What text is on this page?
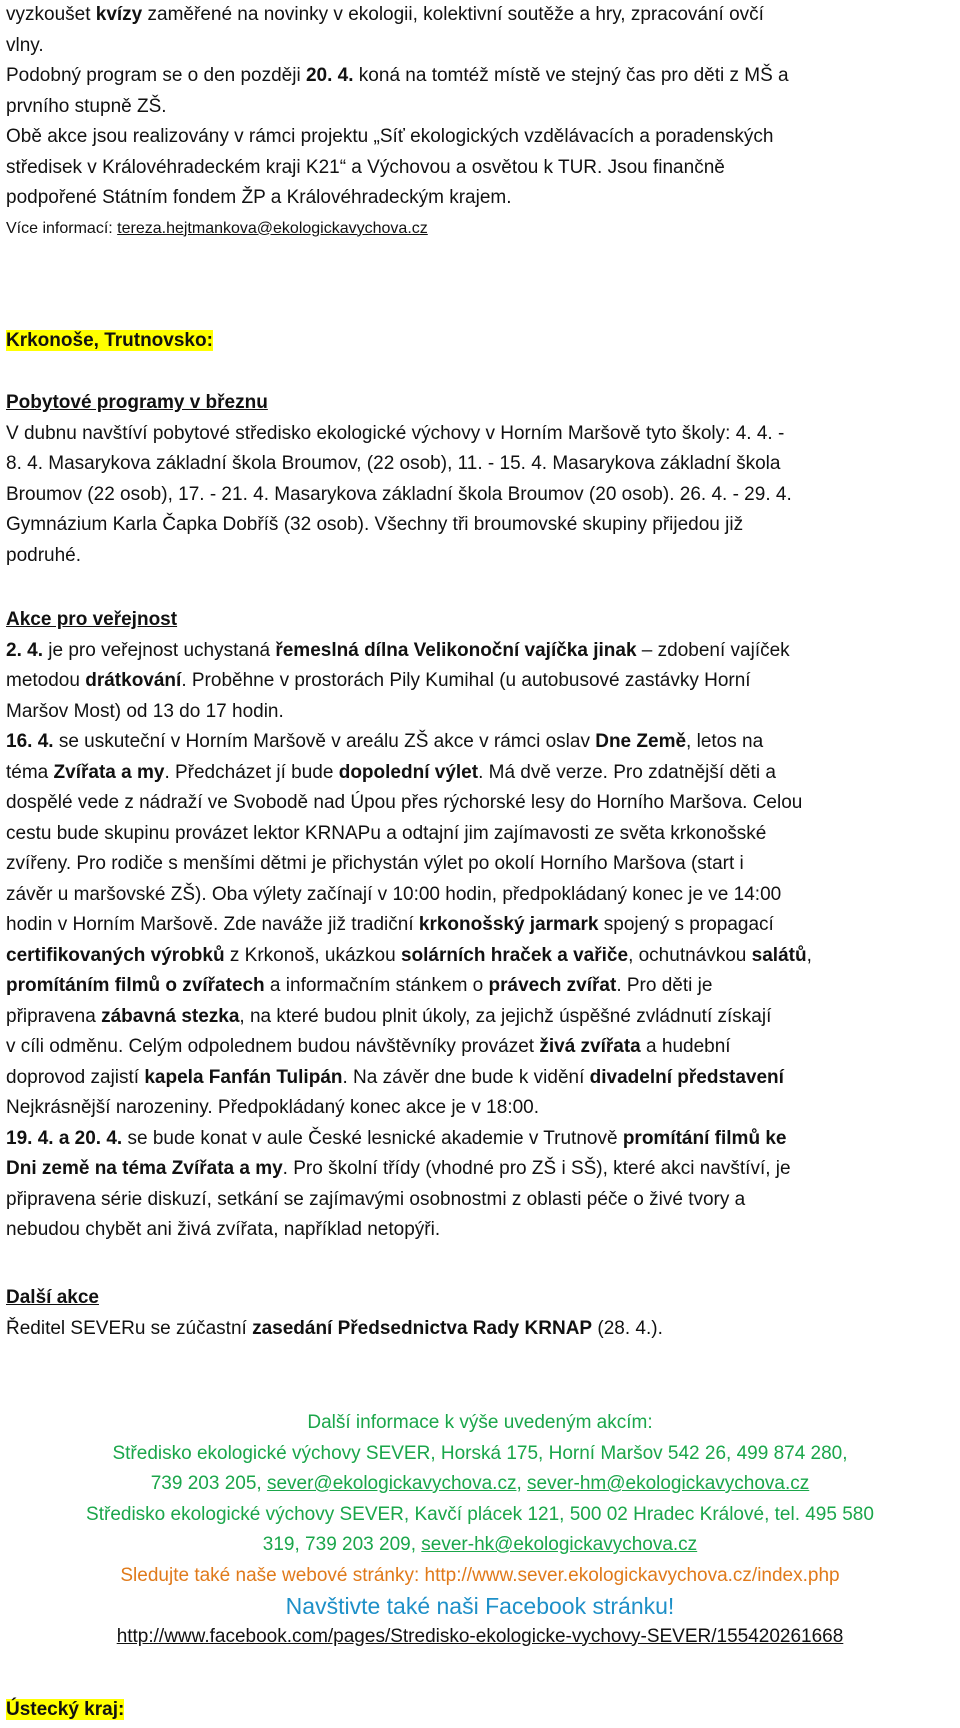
vyzkoušet kvízy zaměřené na novinky v ekologii, kolektivní soutěže a hry, zpracování ovčí
vlny.
Podobný program se o den později 20. 4. koná na tomtéž místě ve stejný čas pro děti z MŠ a
prvního stupně ZŠ.
Obě akce jsou realizovány v rámci projektu „Síť ekologických vzdělávacích a poradenských
středisek v Královéhradeckém kraji K21“ a Výchovou a osvětou k TUR. Jsou finančně
podpořené Státním fondem ŽP a Královéhradeckým krajem.
Více informací: tereza.hejtmankova@ekologickavychova.cz
Krkonoše, Trutnovsko:
Pobytové programy v březnu
V dubnu navštíví pobytové středisko ekologické výchovy v Horním Maršově tyto školy: 4. 4. -
8. 4. Masarykova základní škola Broumov, (22 osob), 11. - 15. 4. Masarykova základní škola
Broumov (22 osob), 17. - 21. 4. Masarykova základní škola Broumov (20 osob). 26. 4. - 29. 4.
Gymnázium Karla Čapka Dobříš (32 osob). Všechny tři broumovské skupiny přijedou již
podruhé.
Akce pro veřejnost
2. 4. je pro veřejnost uchystaná řemeslná dílna Velikonoční vajíčka jinak – zdobení vajíček
metodou drátkování. Proběhne v prostorách Pily Kumihal (u autobusové zastávky Horní
Maršov Most) od 13 do 17 hodin.
16. 4. se uskuteční v Horním Maršově v areálu ZŠ akce v rámci oslav Dne Země, letos na
téma Zvířata a my. Předcházet jí bude dopolední výlet. Má dvě verze. Pro zdatnější děti a
dospělé vede z nádraží ve Svobodě nad Úpou přes rýchorské lesy do Horního Maršova. Celou
cestu bude skupinu provázet lektor KRNAPu a odtajní jim zajímavosti ze světa krkonošské
zvířeny. Pro rodiče s menšími dětmi je přichystán výlet po okolí Horního Maršova (start i
závěr u maršovské ZŠ). Oba výlety začínají v 10:00 hodin, předpokládaný konec je ve 14:00
hodin v Horním Maršově. Zde naváže již tradiční krkonošský jarmark spojený s propagací
certifikovaných výrobků z Krkonoš, ukázkou solárních hraček a vařiče, ochutnávkou salátů,
promítáním filmů o zvířatech a informačním stánkem o právech zvířat. Pro děti je
připravena zábavná stezka, na které budou plnit úkoly, za jejichž úspěšné zvládnutí získají
v cíli odměnu. Celým odpolednem budou návštěvníky provázet živá zvířata a hudební
doprovod zajistí kapela Fanfán Tulipán. Na závěr dne bude k vidění divadelní představení
Nejkrásnější narozeniny. Předpokládaný konec akce je v 18:00.
19. 4. a 20. 4. se bude konat v aule České lesnické akademie v Trutnově promítání filmů ke
Dni země na téma Zvířata a my. Pro školní třídy (vhodné pro ZŠ i SŠ), které akci navštíví, je
připravena série diskuzí, setkání se zajímavými osobnostmi z oblasti péče o živé tvory a
nebudou chybět ani živá zvířata, například netopýři.
Další akce
Ředitel SEVERu se zúčastní zasedání Předsednictva Rady KRNAP (28. 4.).
Další informace k výše uvedeným akcím:
Středisko ekologické výchovy SEVER, Horská 175, Horní Maršov 542 26, 499 874 280,
739 203 205, sever@ekologickavychova.cz, sever-hm@ekologickavychova.cz
Středisko ekologické výchovy SEVER, Kavčí plácek 121, 500 02 Hradec Králové, tel. 495 580
319, 739 203 209, sever-hk@ekologickavychova.cz
Sledujte také naše webové stránky: http://www.sever.ekologickavychova.cz/index.php
Navštivte také naši Facebook stránku!
http://www.facebook.com/pages/Stredisko-ekologicke-vychovy-SEVER/155420261668
Ústecký kraj:
